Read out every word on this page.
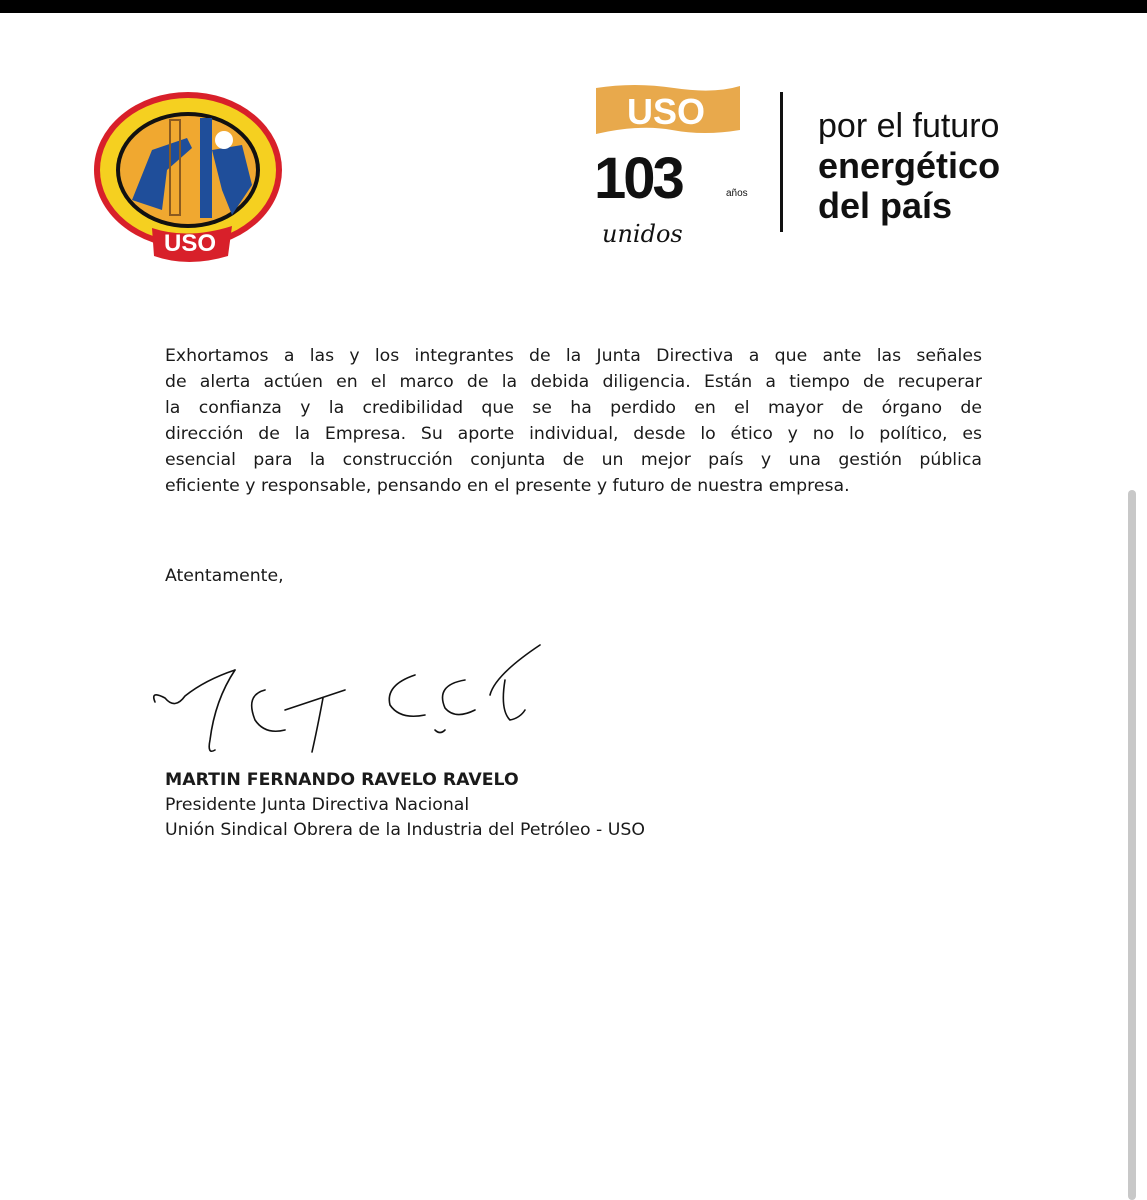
USO
USO
103	años
unidos
por el futuro
energético
del país
Exhortamos a las y los integrantes de la Junta Directiva a que ante las señales
de alerta actúen en el marco de la debida diligencia. Están a tiempo de recuperar
la confianza y la credibilidad que se ha perdido en el mayor de órgano de
dirección de la Empresa. Su aporte individual, desde lo ético y no lo político, es
esencial para la construcción conjunta de un mejor país y una gestión pública
eficiente y responsable, pensando en el presente y futuro de nuestra empresa.
Atentamente,
MARTIN FERNANDO RAVELO RAVELO
Presidente Junta Directiva Nacional
Unión Sindical Obrera de la Industria del Petróleo - USO
